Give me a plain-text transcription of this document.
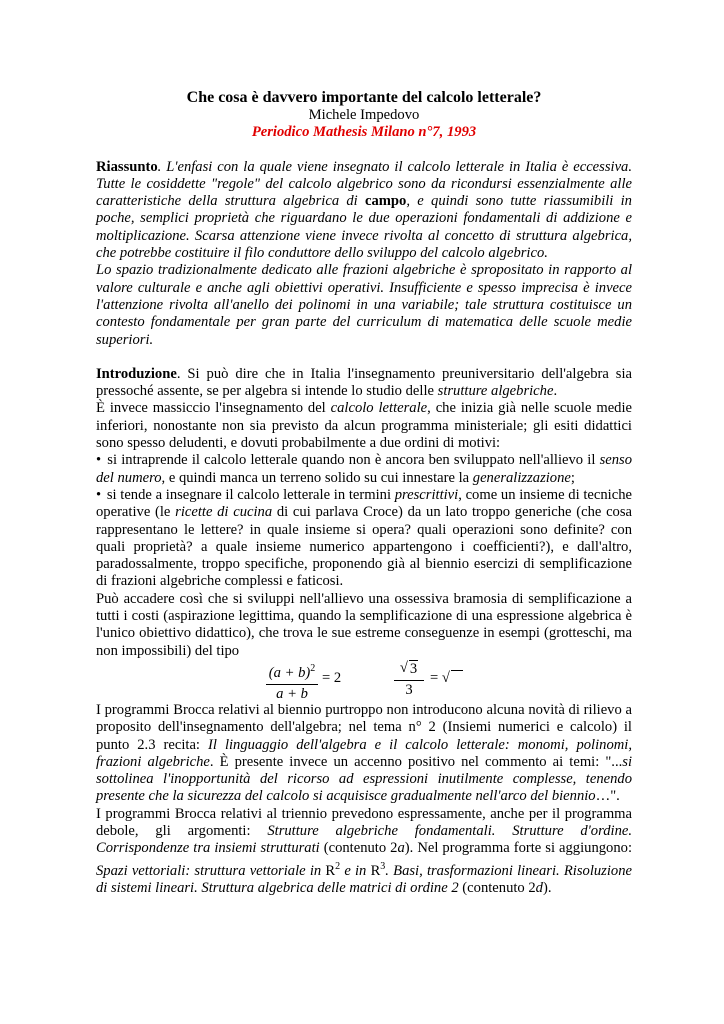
Che cosa è davvero importante del calcolo letterale?
Michele Impedovo
Periodico Mathesis Milano n°7, 1993

Riassunto. L'enfasi con la quale viene insegnato il calcolo letterale in Italia è eccessiva. Tutte le cosiddette "regole" del calcolo algebrico sono da ricondursi essenzialmente alle caratteristiche della struttura algebrica di campo, e quindi sono tutte riassumibili in poche, semplici proprietà che riguardano le due operazioni fondamentali di addizione e moltiplicazione. Scarsa attenzione viene invece rivolta al concetto di struttura algebrica, che potrebbe costituire il filo conduttore dello sviluppo del calcolo algebrico.

Lo spazio tradizionalmente dedicato alle frazioni algebriche è spropositato in rapporto al valore culturale e anche agli obiettivi operativi. Insufficiente e spesso imprecisa è invece l'attenzione rivolta all'anello dei polinomi in una variabile; tale struttura costituisce un contesto fondamentale per gran parte del curriculum di matematica delle scuole medie superiori.

Introduzione. Si può dire che in Italia l'insegnamento preuniversitario dell'algebra sia pressoché assente, se per algebra si intende lo studio delle strutture algebriche.

È invece massiccio l'insegnamento del calcolo letterale, che inizia già nelle scuole medie inferiori, nonostante non sia previsto da alcun programma ministeriale; gli esiti didattici sono spesso deludenti, e dovuti probabilmente a due ordini di motivi:

• si intraprende il calcolo letterale quando non è ancora ben sviluppato nell'allievo il senso del numero, e quindi manca un terreno solido su cui innestare la generalizzazione;

• si tende a insegnare il calcolo letterale in termini prescrittivi, come un insieme di tecniche operative (le ricette di cucina di cui parlava Croce) da un lato troppo generiche (che cosa rappresentano le lettere? in quale insieme si opera? quali operazioni sono definite? con quali proprietà? a quale insieme numerico appartengono i coefficienti?), e dall'altro, paradossalmente, troppo specifiche, proponendo già al biennio esercizi di semplificazione di frazioni algebriche complessi e faticosi.

Può accadere così che si sviluppi nell'allievo una ossessiva bramosia di semplificazione a tutti i costi (aspirazione legittima, quando la semplificazione di una espressione algebrica è l'unico obiettivo didattico), che trova le sue estreme conseguenze in esempi (grotteschi, ma non impossibili) del tipo

$(a + b)^2$
a + b
= 2
√ 3
3
= √

I programmi Brocca relativi al biennio purtroppo non introducono alcuna novità di rilievo a proposito dell'insegnamento dell'algebra; nel tema n° 2 (Insiemi numerici e calcolo) il punto 2.3 recita: Il linguaggio dell'algebra e il calcolo letterale: monomi, polinomi, frazioni algebriche. È presente invece un accenno positivo nel commento ai temi: "...si sottolinea l'inopportunità del ricorso ad espressioni inutilmente complesse, tenendo presente che la sicurezza del calcolo si acquisisce gradualmente nell'arco del biennio…".

I programmi Brocca relativi al triennio prevedono espressamente, anche per il programma debole, gli argomenti: Strutture algebriche fondamentali. Strutture d'ordine. Corrispondenze tra insiemi strutturati (contenuto 2a). Nel programma forte si aggiungono: Spazi vettoriali: struttura vettoriale in $R^2$ e in $R^3$. Basi, trasformazioni lineari. Risoluzione di sistemi lineari. Struttura algebrica delle matrici di ordine 2 (contenuto 2d).
